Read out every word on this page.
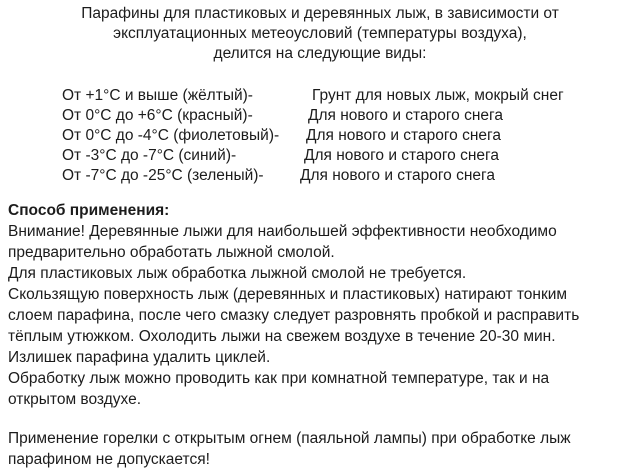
Парафины для пластиковых и деревянных лыж, в зависимости от
эксплуатационных метеоусловий (температуры воздуха),
делится на следующие виды:
От +1°С и выше (жёлтый)-	Грунт для новых лыж, мокрый снег
От 0°С до +6°С (красный)-	Для нового и старого снега
От 0°С до -4°С (фиолетовый)- Для нового и старого снега
От -3°С до -7°С (синий)-	Для нового и старого снега
От -7°С до -25°С (зеленый)- Для нового и старого снега
Способ применения:
Внимание! Деревянные лыжи для наибольшей эффективности необходимо
предварительно обработать лыжной смолой.
Для пластиковых лыж обработка лыжной смолой не требуется.
Скользящую поверхность лыж (деревянных и пластиковых) натирают тонким
слоем парафина, после чего смазку следует разровнять пробкой и расправить
тёплым утюжком. Охолодить лыжи на свежем воздухе в течение 20-30 мин.
Излишек парафина удалить циклей.
Обработку лыж можно проводить как при комнатной температуре, так и на
открытом воздухе.
Применение горелки с открытым огнем (паяльной лампы) при обработке лыж
парафином не допускается!
